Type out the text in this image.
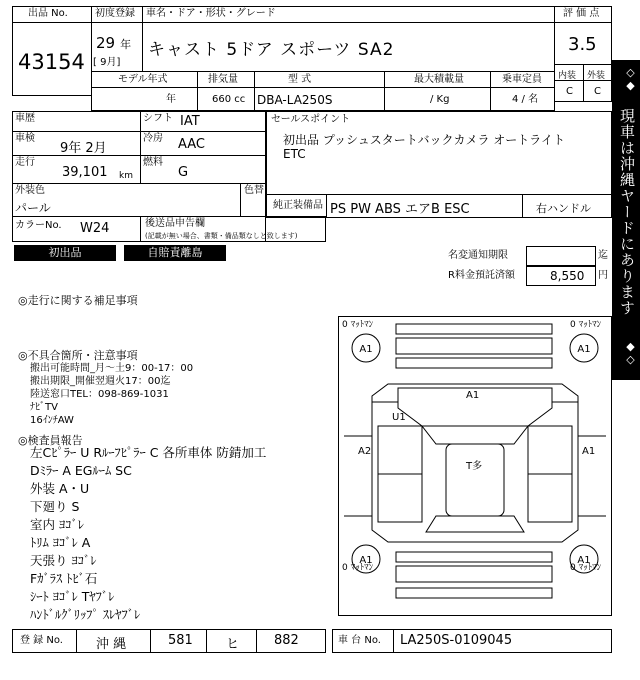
出品 No.
43154
初度登録
29 年
[ 9月]
車名・ドア・形状・グレード
キャスト 5ドア スポーツ SA2
評 価 点
3.5
内装 外装
C C
モデル年式	排気量	型 式	最大積載量	乗車定員
年	660 cc DBA-LA250S	/ Kg	4 / 名
車歴	シフト IAT
車検
9年 2月
冷房 AAC
走行
39,101 km
燃料
G
外装色
パール
色替
カラーNo. W24	後送品申告欄
(記載が無い場合、書類・備品類なしと致します)
セールスポイント
初出品 プッシュスタートバックカメラ オートライト
ETC
純正装備品 PS PW ABS エアB ESC	右ハンドル
初出品	自賠責離島	名変通知期限	迄
R料金預託済額	8,550 円
◎走行に関する補足事項
◎不具合箇所・注意事項
搬出可能時間_月～土9：00-17：00
搬出期限_開催翌週火17：00迄
陸送窓口TEL：098-869-1031
ﾅﾋﾞTV
16ｲﾝﾁAW
◎検査員報告
左Cﾋﾟﾗｰ U Rﾙｰﾌﾋﾟﾗｰ C 各所車体 防錆加工
Dﾐﾗｰ A EGﾙｰﾑ SC
外装 A・U
下廻り S
室内 ﾖｺﾞﾚ
ﾄﾘﾑ ﾖｺﾞﾚ A
天張り ﾖｺﾞﾚ
Fｶﾞﾗｽ ﾄﾋﾞ石
ｼｰﾄ ﾖｺﾞﾚ Tﾔﾌﾞﾚ
ﾊﾝﾄﾞﾙｸﾞﾘｯﾌﾟ ｽﾚﾔﾌﾞﾚ
0 ﾏｯﾄﾏﾝ	0 ﾏｯﾄﾏﾝ
0 ﾏｯﾄﾏﾝ	0 ﾏｯﾄﾏﾝ
A1	A1
A1	A1
A1
U1
A2	A1
T多
登 録 No.	沖 縄	581	ヒ	882	車 台 No. LA250S-0109045
◇◆
現車は沖縄ヤードにあります
◆◇
